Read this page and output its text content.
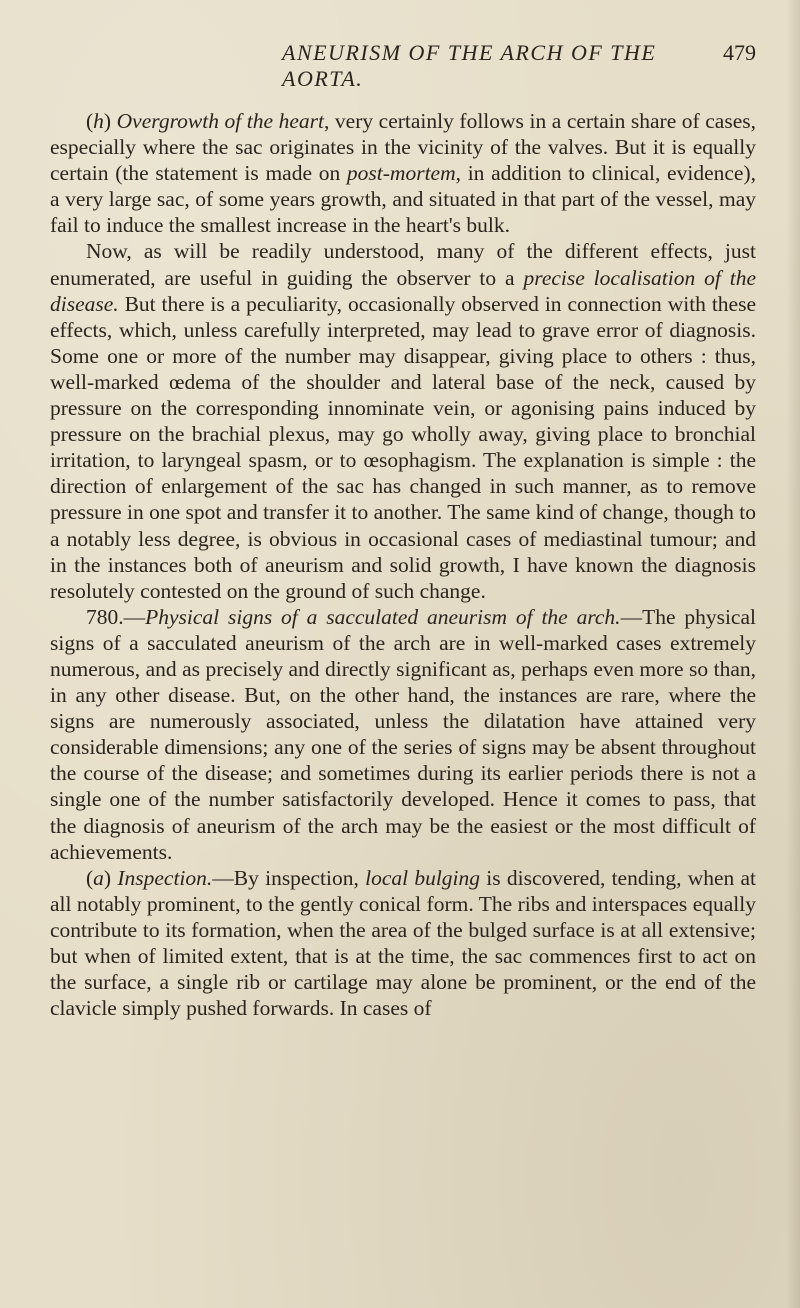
ANEURISM OF THE ARCH OF THE AORTA.
479

(h) Overgrowth of the heart, very certainly follows in a certain share of cases, especially where the sac originates in the vicinity of the valves. But it is equally certain (the statement is made on post-mortem, in addition to clinical, evidence), a very large sac, of some years growth, and situated in that part of the vessel, may fail to induce the smallest increase in the heart's bulk.

Now, as will be readily understood, many of the different effects, just enumerated, are useful in guiding the observer to a precise localisation of the disease. But there is a peculiarity, occasionally observed in connection with these effects, which, unless carefully interpreted, may lead to grave error of diagnosis. Some one or more of the number may disappear, giving place to others : thus, well-marked œdema of the shoulder and lateral base of the neck, caused by pressure on the corresponding innominate vein, or agonising pains induced by pressure on the brachial plexus, may go wholly away, giving place to bronchial irritation, to laryngeal spasm, or to œsophagism. The explanation is simple : the direction of enlargement of the sac has changed in such manner, as to remove pressure in one spot and transfer it to another. The same kind of change, though to a notably less degree, is obvious in occasional cases of mediastinal tumour; and in the instances both of aneurism and solid growth, I have known the diagnosis resolutely contested on the ground of such change.

780.—Physical signs of a sacculated aneurism of the arch.—The physical signs of a sacculated aneurism of the arch are in well-marked cases extremely numerous, and as precisely and directly significant as, perhaps even more so than, in any other disease. But, on the other hand, the instances are rare, where the signs are numerously associated, unless the dilatation have attained very considerable dimensions; any one of the series of signs may be absent throughout the course of the disease; and sometimes during its earlier periods there is not a single one of the number satisfactorily developed. Hence it comes to pass, that the diagnosis of aneurism of the arch may be the easiest or the most difficult of achievements.

(a) Inspection.—By inspection, local bulging is discovered, tending, when at all notably prominent, to the gently conical form. The ribs and interspaces equally contribute to its formation, when the area of the bulged surface is at all extensive; but when of limited extent, that is at the time, the sac commences first to act on the surface, a single rib or cartilage may alone be prominent, or the end of the clavicle simply pushed forwards. In cases of
